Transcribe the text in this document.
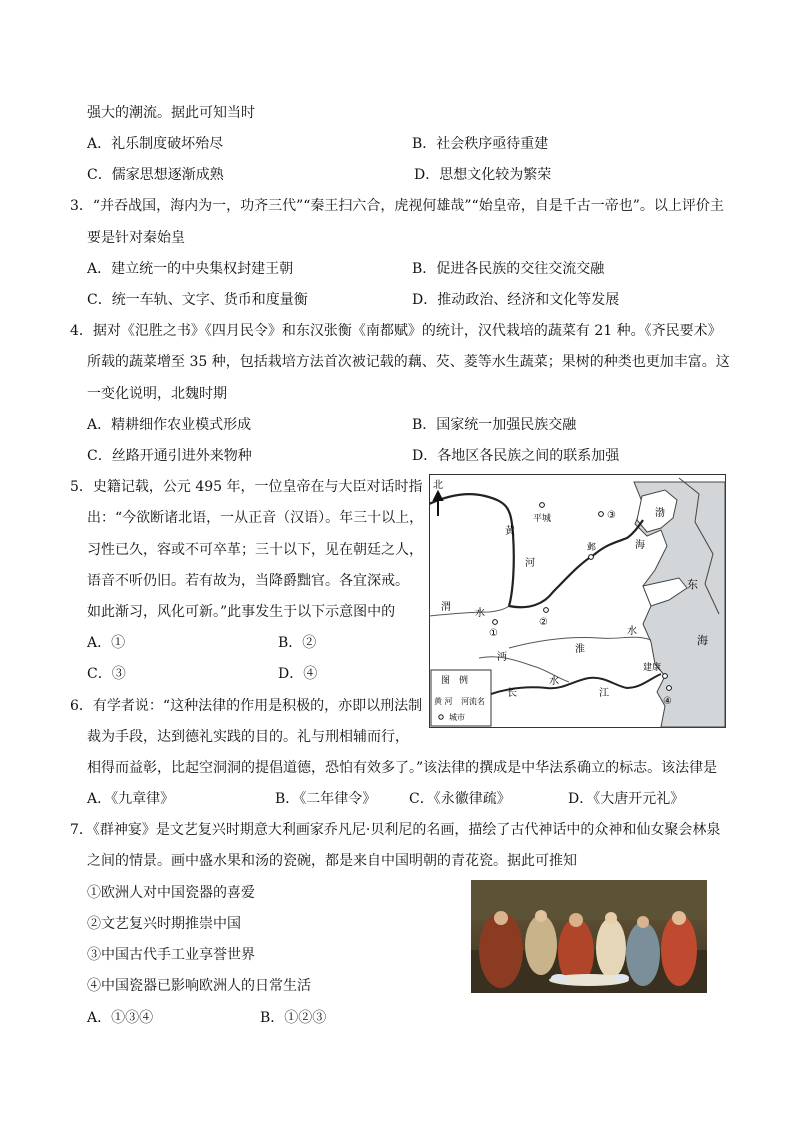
强大的潮流。据此可知当时
A．礼乐制度破坏殆尽	B．社会秩序亟待重建
C．儒家思想逐渐成熟	D．思想文化较为繁荣
3．“并吞战国，海内为一，功齐三代”“秦王扫六合，虎视何雄哉”“始皇帝，自是千古一帝也”。以上评价主
要是针对秦始皇
A．建立统一的中央集权封建王朝	B．促进各民族的交往交流交融
C．统一车轨、文字、货币和度量衡	D．推动政治、经济和文化等发展
4．据对《氾胜之书》《四月民令》和东汉张衡《南都赋》的统计，汉代栽培的蔬菜有 21 种。《齐民要术》
所载的蔬菜增至 35 种，包括栽培方法首次被记载的藕、芡、菱等水生蔬菜；果树的种类也更加丰富。这
一变化说明，北魏时期
A．精耕细作农业模式形成	B．国家统一加强民族交融
C．丝路开通引进外来物种	D．各地区各民族之间的联系加强
5．史籍记载，公元 495 年，一位皇帝在与大臣对话时指
出：“今欲断诸北语，一从正音（汉语）。年三十以上，
习性已久，容或不可卒革；三十以下，见在朝廷之人，
语音不听仍旧。若有故为，当降爵黜官。各宜深戒。
如此渐习，风化可新。”此事发生于以下示意图中的
A．①	B．②
C．③	D．④
北
平城	③
邺
②
①
建康
④
渤
海
东
海
黄
河
渭
水
淮
水
沔
水
长	江
图　例
黄 河 河流名
城市
6．有学者说：“这种法律的作用是积极的，亦即以刑法制
裁为手段，达到德礼实践的目的。礼与刑相辅而行，
相得而益彰，比起空洞洞的提倡道德，恐怕有效多了。”该法律的撰成是中华法系确立的标志。该法律是
A．《九章律》	B．《二年律令》 C．《永徽律疏》	D．《大唐开元礼》
7．《群神宴》是文艺复兴时期意大利画家乔凡尼·贝利尼的名画，描绘了古代神话中的众神和仙女聚会林泉
之间的情景。画中盛水果和汤的瓷碗，都是来自中国明朝的青花瓷。据此可推知
①欧洲人对中国瓷器的喜爱
②文艺复兴时期推崇中国
③中国古代手工业享誉世界
④中国瓷器已影响欧洲人的日常生活
A．①③④	B．①②③
